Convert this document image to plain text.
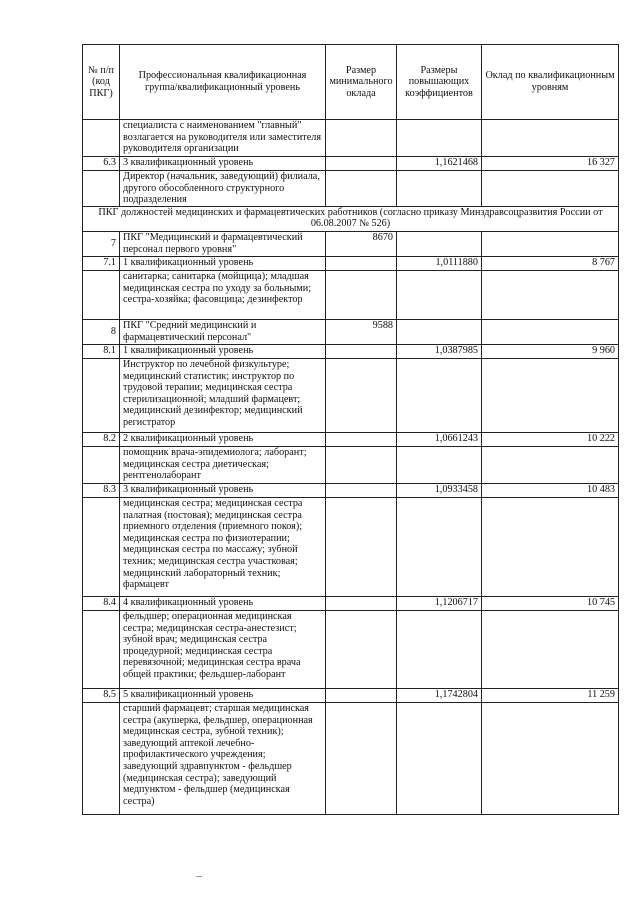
№ п/п (код ПКГ)	Профессиональная квалификационная группа/квалификационный уровень	Размер минимального оклада	Размеры повышающих коэффициентов	Оклад по квалификационным уровням
	специалиста с наименованием "главный" возлагается на руководителя или заместителя руководителя организации			
6.3	3 квалификационный уровень		1,1621468	16 327
	Директор (начальник, заведующий) филиала, другого обособленного структурного подразделения			
ПКГ должностей медицинских и фармацевтических работников (согласно приказу Минздравсоцразвития России от 06.08.2007 № 526)				
7	ПКГ "Медицинский и фармацевтический персонал первого уровня"	8670		
7.1	1 квалификационный уровень		1,0111880	8 767
	санитарка; санитарка (мойщица); младшая медицинская сестра по уходу за больными; сестра-хозяйка; фасовщица; дезинфектор			
8	ПКГ "Средний медицинский и фармацевтический персонал"	9588		
8.1	1 квалификационный уровень		1,0387985	9 960
	Инструктор по лечебной физкультуре; медицинский статистик; инструктор по трудовой терапии; медицинская сестра стерилизационной; младший фармацевт; медицинский дезинфектор; медицинский регистратор			
8.2	2 квалификационный уровень		1,0661243	10 222
	помощник врача-эпидемиолога; лаборант; медицинская сестра диетическая; рентгенолаборант			
8.3	3 квалификационный уровень		1,0933458	10 483
	медицинская сестра; медицинская сестра палатная (постовая); медицинская сестра приемного отделения (приемного покоя); медицинская сестра по физиотерапии; медицинская сестра по массажу; зубной техник; медицинская сестра участковая; медицинский лабораторный техник; фармацевт			
8.4	4 квалификационный уровень		1,1206717	10 745
	фельдшер; операционная медицинская сестра; медицинская сестра-анестезист; зубной врач; медицинская сестра процедурной; медицинская сестра перевязочной; медицинская сестра врача общей практики; фельдшер-лаборант			
8.5	5 квалификационный уровень		1,1742804	11 259
	старший фармацевт; старшая медицинская сестра (акушерка, фельдшер, операционная медицинская сестра, зубной техник); заведующий аптекой лечебно-профилактического учреждения; заведующий здравпунктом - фельдшер (медицинская сестра); заведующий медпунктом - фельдшер (медицинская сестра)			
